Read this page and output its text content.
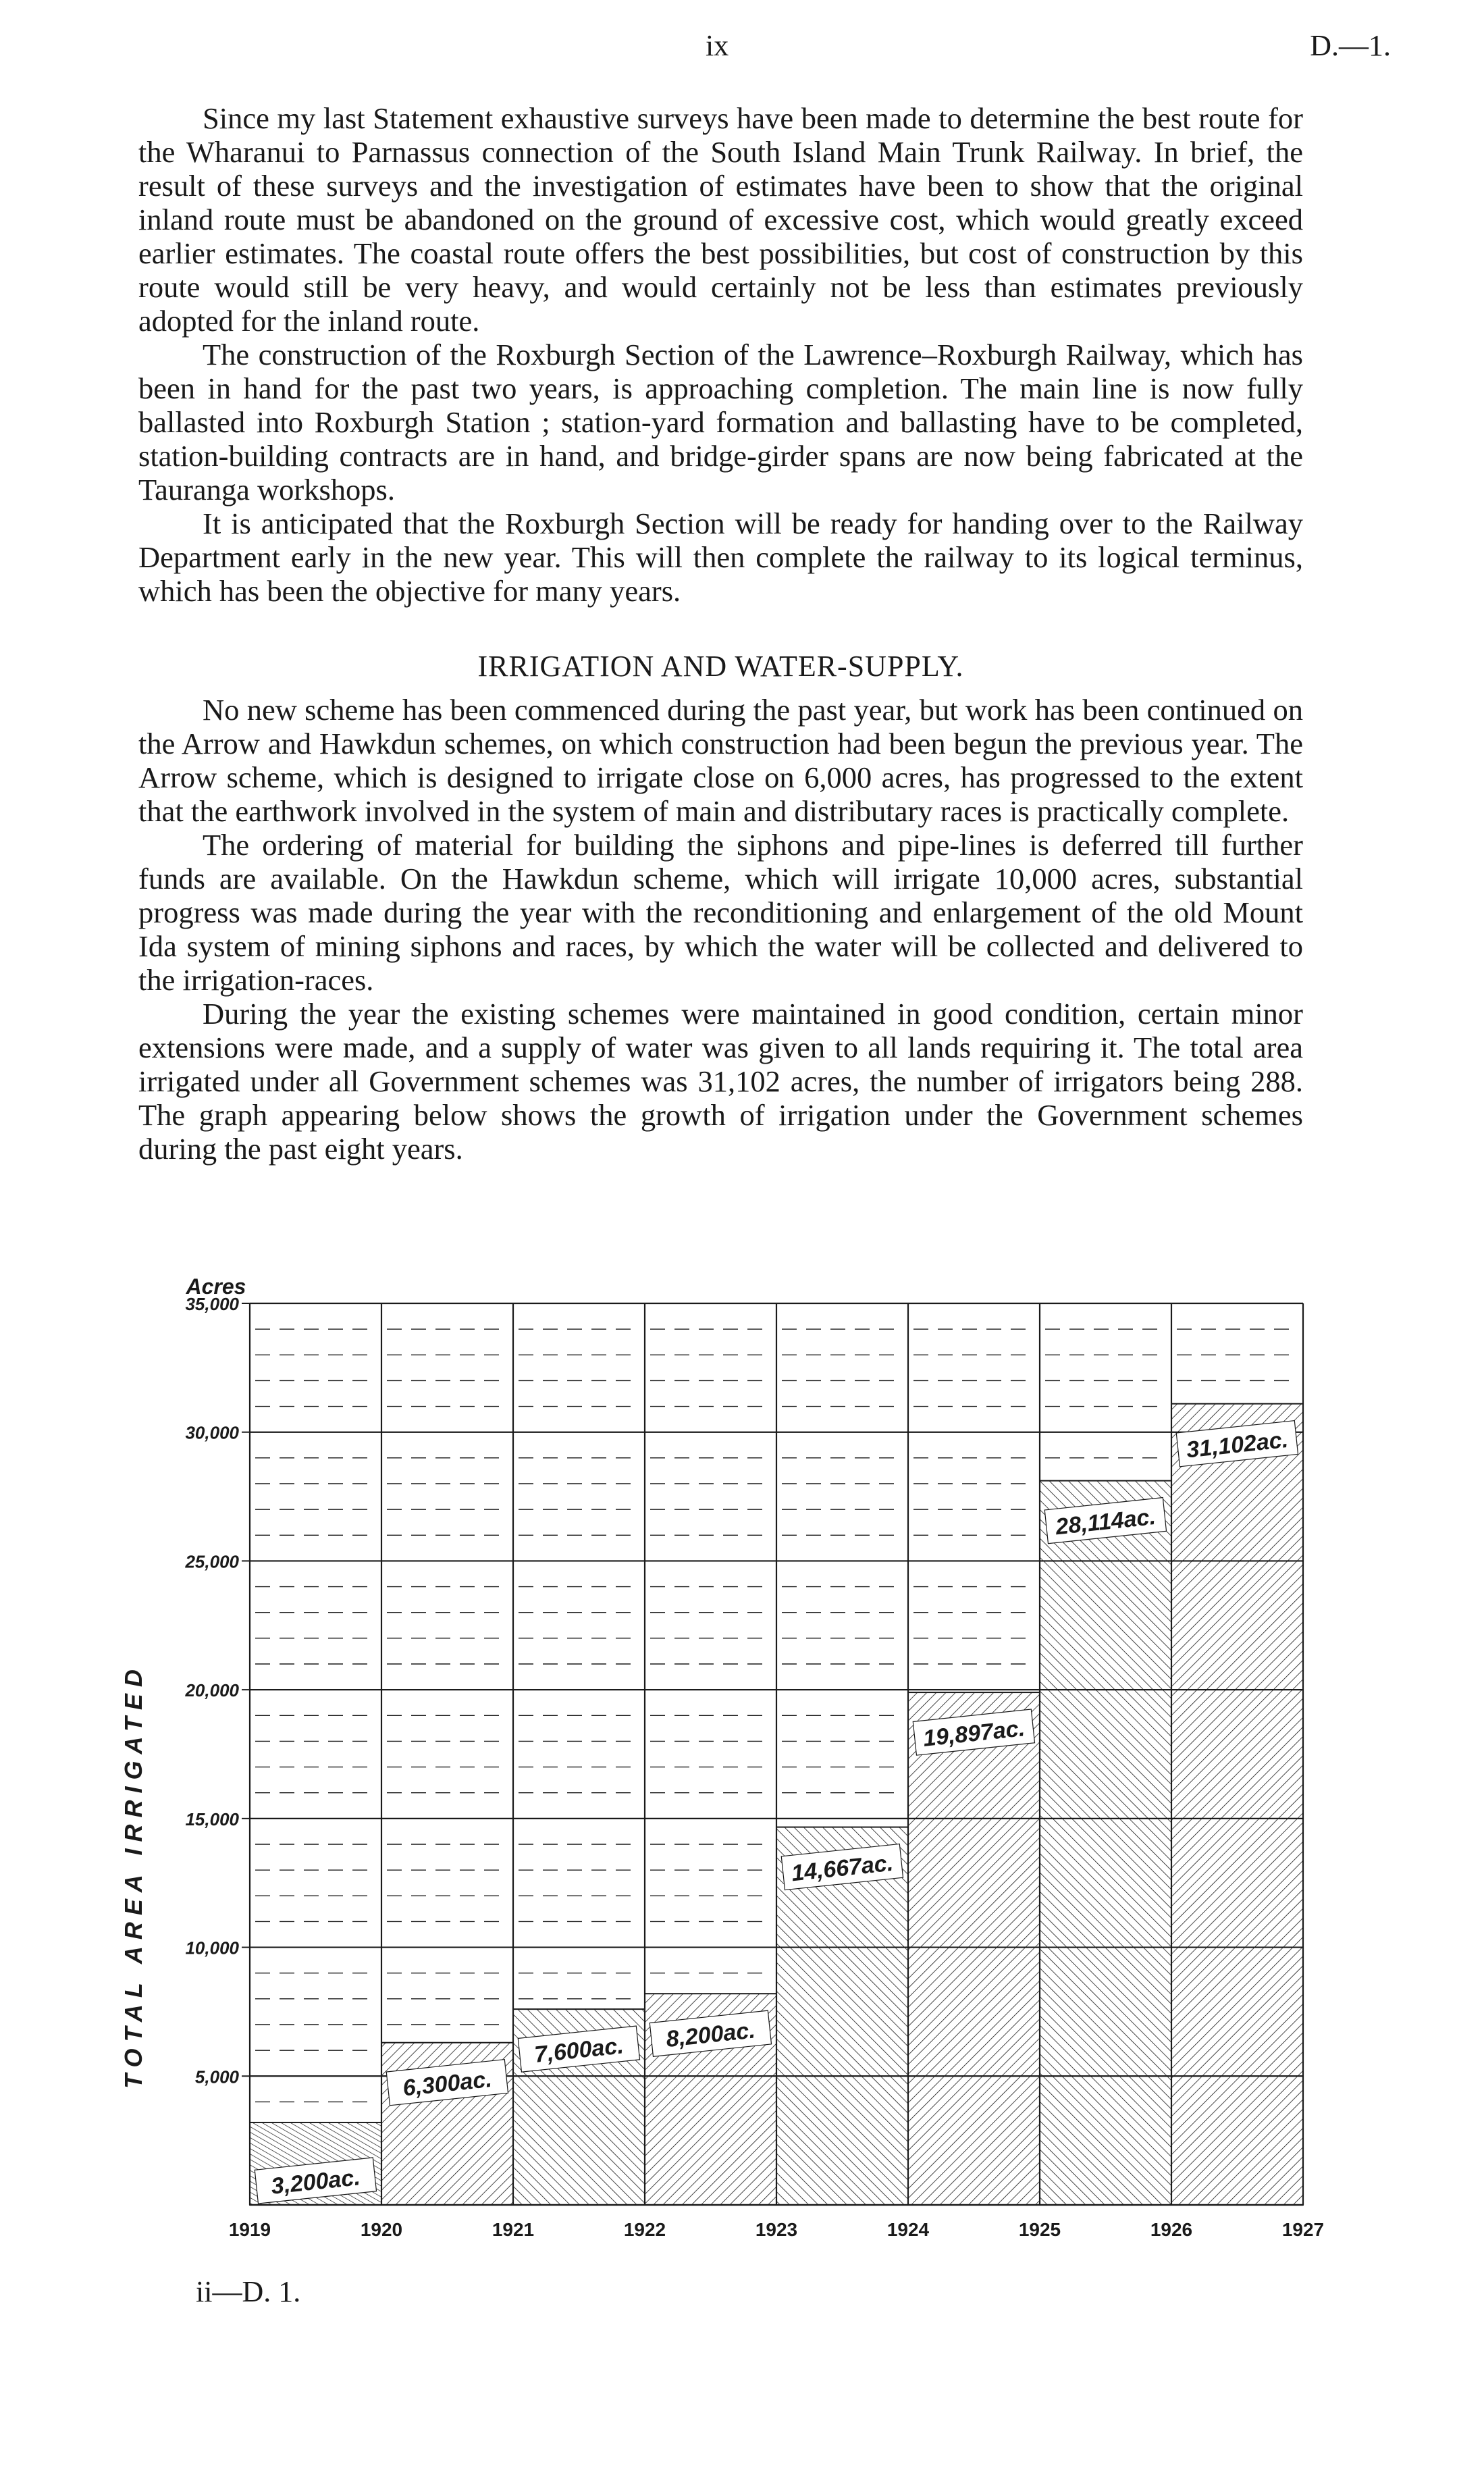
ix	D.—1.

Since my last Statement exhaustive surveys have been made to determine the best route for the Wharanui to Parnassus connection of the South Island Main Trunk Railway. In brief, the result of these surveys and the investigation of estimates have been to show that the original inland route must be abandoned on the ground of excessive cost, which would greatly exceed earlier estimates. The coastal route offers the best possibilities, but cost of construction by this route would still be very heavy, and would certainly not be less than estimates previously adopted for the inland route.

The construction of the Roxburgh Section of the Lawrence–Roxburgh Railway, which has been in hand for the past two years, is approaching completion. The main line is now fully ballasted into Roxburgh Station ; station-yard formation and ballasting have to be completed, station-building contracts are in hand, and bridge-girder spans are now being fabricated at the Tauranga workshops.

It is anticipated that the Roxburgh Section will be ready for handing over to the Railway Department early in the new year. This will then complete the railway to its logical terminus, which has been the objective for many years.

IRRIGATION AND WATER-SUPPLY.

No new scheme has been commenced during the past year, but work has been continued on the Arrow and Hawkdun schemes, on which construction had been begun the previous year. The Arrow scheme, which is designed to irrigate close on 6,000 acres, has progressed to the extent that the earthwork involved in the system of main and distributary races is practically complete.

The ordering of material for building the siphons and pipe-lines is deferred till further funds are available. On the Hawkdun scheme, which will irrigate 10,000 acres, substantial progress was made during the year with the reconditioning and enlargement of the old Mount Ida system of mining siphons and races, by which the water will be collected and delivered to the irrigation-races.

During the year the existing schemes were maintained in good condition, certain minor extensions were made, and a supply of water was given to all lands requiring it. The total area irrigated under all Government schemes was 31,102 acres, the number of irrigators being 288. The graph appearing below shows the growth of irrigation under the Government schemes during the past eight years.

3,200ac.
6,300ac.
7,600ac. 8,200ac.
14,667ac.
19,897ac.
28,114ac.
31,102ac.
5,000
10,000
15,000
20,000
25,000
30,000
35,000
1919	1920	1921	1922	1923	1924	1925	1926	1927
Acres
TOTAL AREA IRRIGATED
ii—D. 1.
